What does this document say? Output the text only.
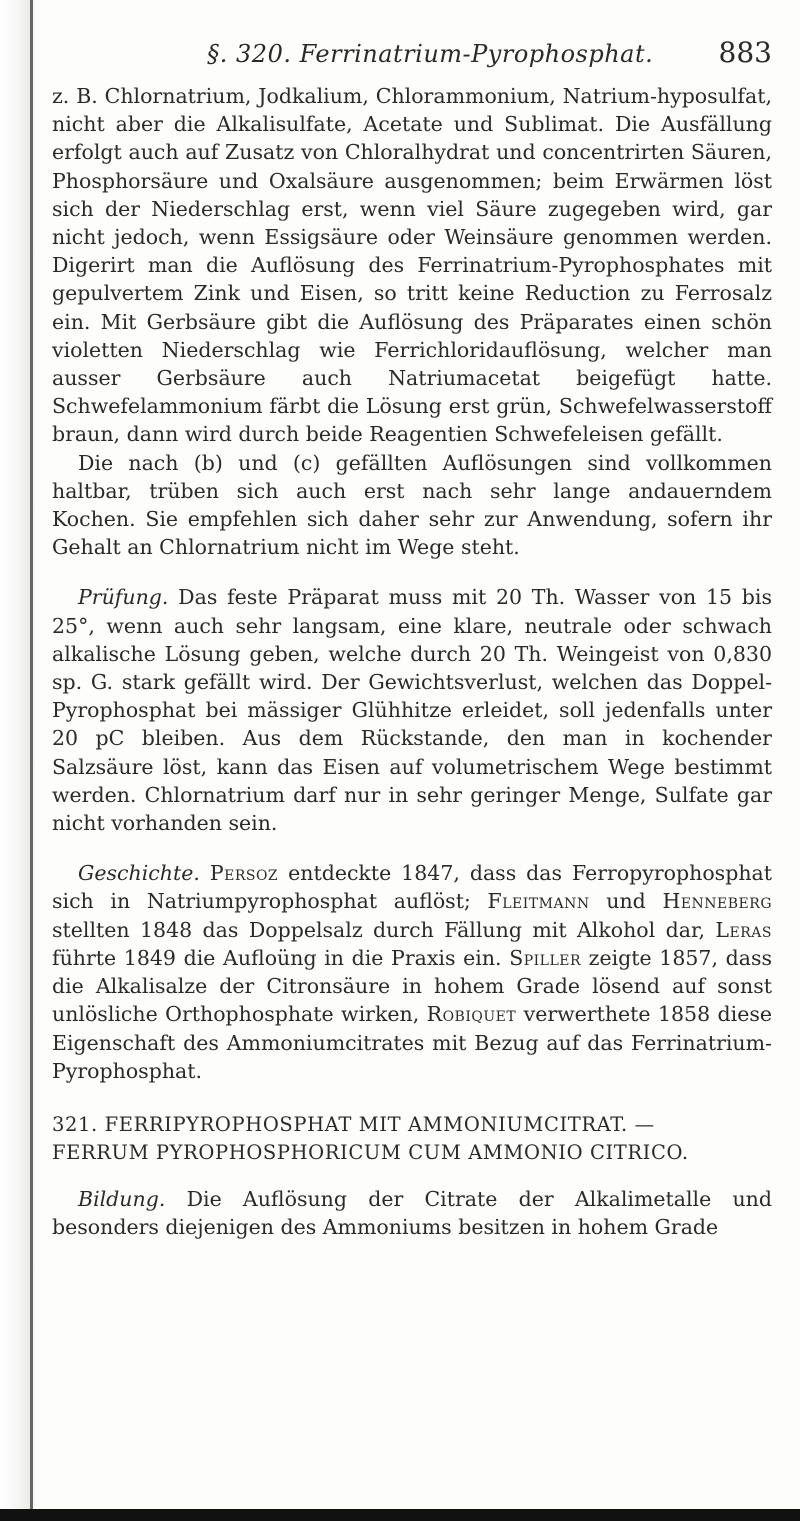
§. 320. Ferrinatrium-Pyrophosphat.	883

z. B. Chlornatrium, Jodkalium, Chlorammonium, Natrium-hyposulfat, nicht aber die Alkalisulfate, Acetate und Sublimat. Die Ausfällung erfolgt auch auf Zusatz von Chloralhydrat und concentrirten Säuren, Phosphorsäure und Oxalsäure ausgenommen; beim Erwärmen löst sich der Niederschlag erst, wenn viel Säure zugegeben wird, gar nicht jedoch, wenn Essigsäure oder Weinsäure genommen werden. Digerirt man die Auflösung des Ferrinatrium-Pyrophosphates mit gepulvertem Zink und Eisen, so tritt keine Reduction zu Ferrosalz ein. Mit Gerbsäure gibt die Auflösung des Präparates einen schön violetten Niederschlag wie Ferrichloridauflösung, welcher man ausser Gerbsäure auch Natriumacetat beigefügt hatte. Schwefelammonium färbt die Lösung erst grün, Schwefelwasserstoff braun, dann wird durch beide Reagentien Schwefeleisen gefällt.

Die nach (b) und (c) gefällten Auflösungen sind vollkommen haltbar, trüben sich auch erst nach sehr lange andauerndem Kochen. Sie empfehlen sich daher sehr zur Anwendung, sofern ihr Gehalt an Chlornatrium nicht im Wege steht.

Prüfung. Das feste Präparat muss mit 20 Th. Wasser von 15 bis 25°, wenn auch sehr langsam, eine klare, neutrale oder schwach alkalische Lösung geben, welche durch 20 Th. Weingeist von 0,830 sp. G. stark gefällt wird. Der Gewichtsverlust, welchen das Doppel-Pyrophosphat bei mässiger Glühhitze erleidet, soll jedenfalls unter 20 pC bleiben. Aus dem Rückstande, den man in kochender Salzsäure löst, kann das Eisen auf volumetrischem Wege bestimmt werden. Chlornatrium darf nur in sehr geringer Menge, Sulfate gar nicht vorhanden sein.

Geschichte. Persoz entdeckte 1847, dass das Ferropyrophosphat sich in Natriumpyrophosphat auflöst; Fleitmann und Henneberg stellten 1848 das Doppelsalz durch Fällung mit Alkohol dar, Leras führte 1849 die Aufloüng in die Praxis ein. Spiller zeigte 1857, dass die Alkalisalze der Citronsäure in hohem Grade lösend auf sonst unlösliche Orthophosphate wirken, Robiquet verwerthete 1858 diese Eigenschaft des Ammoniumcitrates mit Bezug auf das Ferrinatrium-Pyrophosphat.

321. FERRIPYROPHOSPHAT MIT AMMONIUMCITRAT. —
FERRUM PYROPHOSPHORICUM CUM AMMONIO CITRICO.

Bildung. Die Auflösung der Citrate der Alkalimetalle und besonders diejenigen des Ammoniums besitzen in hohem Grade
